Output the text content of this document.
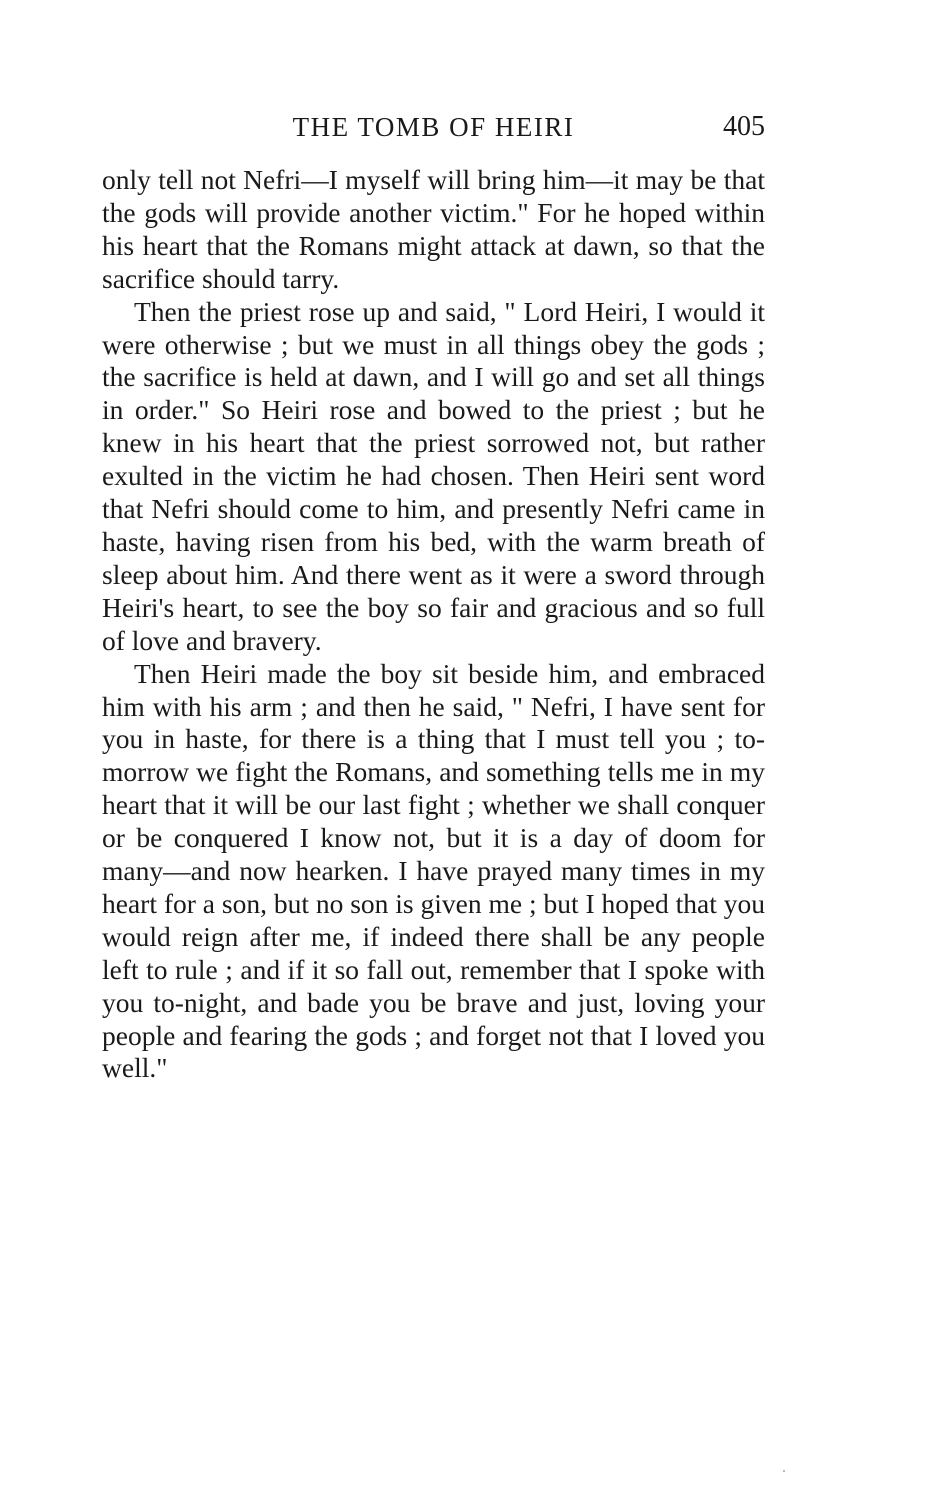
THE TOMB OF HEIRI	405

only tell not Nefri—I myself will bring him—it may be that the gods will provide another victim." For he hoped within his heart that the Romans might attack at dawn, so that the sacrifice should tarry.

Then the priest rose up and said, " Lord Heiri, I would it were otherwise ; but we must in all things obey the gods ; the sacrifice is held at dawn, and I will go and set all things in order." So Heiri rose and bowed to the priest ; but he knew in his heart that the priest sorrowed not, but rather exulted in the victim he had chosen. Then Heiri sent word that Nefri should come to him, and presently Nefri came in haste, having risen from his bed, with the warm breath of sleep about him. And there went as it were a sword through Heiri's heart, to see the boy so fair and gracious and so full of love and bravery.

Then Heiri made the boy sit beside him, and embraced him with his arm ; and then he said, " Nefri, I have sent for you in haste, for there is a thing that I must tell you ; to-morrow we fight the Romans, and something tells me in my heart that it will be our last fight ; whether we shall conquer or be conquered I know not, but it is a day of doom for many—and now hearken. I have prayed many times in my heart for a son, but no son is given me ; but I hoped that you would reign after me, if indeed there shall be any people left to rule ; and if it so fall out, remember that I spoke with you to-night, and bade you be brave and just, loving your people and fearing the gods ; and forget not that I loved you well."
